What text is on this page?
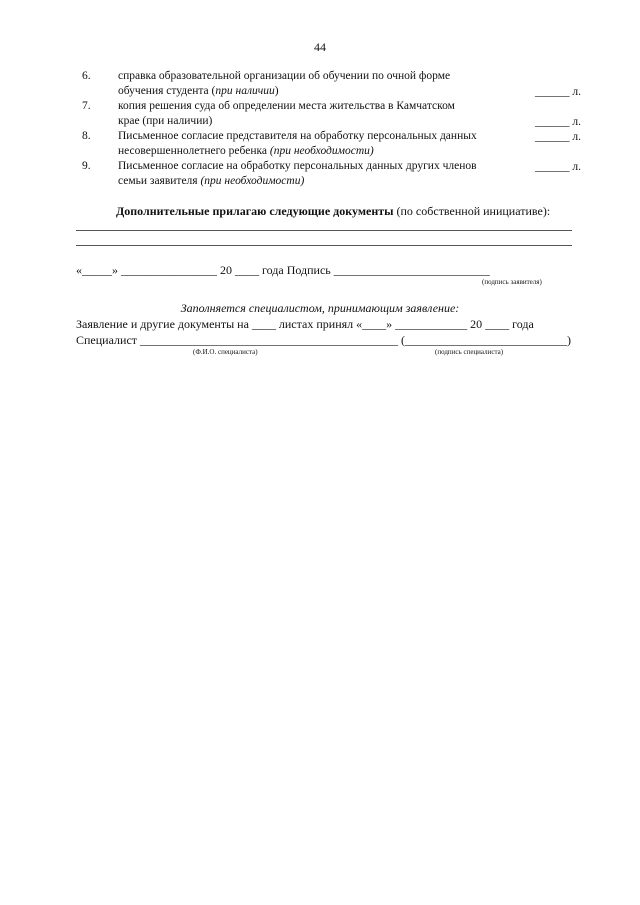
44
6. справка образовательной организации об обучении по очной форме
обучения студента (при наличии)	______ л.
7. копия решения суда об определении места жительства в Камчатском
крае (при наличии)	______ л.
8. Письменное согласие представителя на обработку персональных данных	______ л.
несовершеннолетнего ребенка (при необходимости)
9. Письменное согласие на обработку персональных данных других членов	______ л.
семьи заявителя (при необходимости)
Дополнительные прилагаю следующие документы (по собственной инициативе):
«_____» ________________ 20 ____ года Подпись __________________________
(подпись заявителя)
Заполняется специалистом, принимающим заявление:
Заявление и другие документы на ____ листах принял «____» ____________ 20 ____ года
Специалист ___________________________________________ (___________________________)
(Ф.И.О. специалиста)	(подпись специалиста)
